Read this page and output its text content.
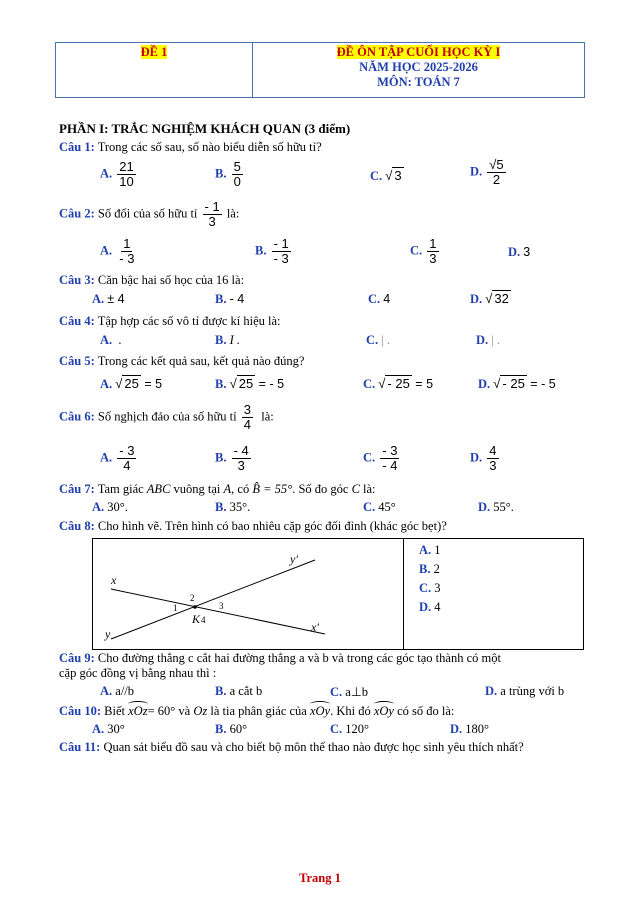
ĐỀ 1	ĐỀ ÔN TẬP CUỐI HỌC KỲ I
NĂM HỌC 2025-2026
MÔN: TOÁN 7
PHẦN I: TRẮC NGHIỆM KHÁCH QUAN (3 điểm)
Câu 1: Trong các số sau, số nào biểu diễn số hữu tỉ?
A. $\frac{21}{10}$	B. $\frac{5}{0}$	C. √ 3	D. $\frac{√5}{2}$
Câu 2: Số đối của số hữu tỉ $\frac{- 1}{3}$ là:
A. $\frac{1}{- 3}$	B. $\frac{- 1}{- 3}$	C. $\frac{1}{3}$	D. 3
Câu 3: Căn bậc hai số học của 16 là:
A. ± 4	B. - 4	C. 4	D. √ 32
Câu 4: Tập hợp các số vô tỉ được kí hiệu là:
A. .	B. I .	C. | .	D. | .
Câu 5: Trong các kết quả sau, kết quả nào đúng?
A. √ 25 = 5	B. √ 25 = - 5	C. √ - 25 = 5	D. √ - 25 = - 5
Câu 6: Số nghịch đảo của số hữu tỉ $\frac{3}{4}$ là:
A. $\frac{- 3}{4}$	B. $\frac{- 4}{3}$	C. $\frac{- 3}{- 4}$	D. $\frac{4}{3}$
Câu 7: Tam giác ABC vuông tại A, có B̂ = 55°. Số đo góc C là:
A. 30°.	B. 35°.	C. 45°	D. 55°.
Câu 8: Cho hình vẽ. Trên hình có bao nhiêu cặp góc đối đỉnh (khác góc bẹt)?
y′
x
2
1	3
K 4
y	x′
A. 1
B. 2
C. 3
D. 4
Câu 9: Cho đường thẳng c cắt hai đường thẳng a và b và trong các góc tạo thành có một
cặp góc đồng vị bằng nhau thì :
A. a//b	B. a cắt b	C. a⊥b	D. a trùng với b
Câu 10: Biết xOz= 60° và Oz là tia phân giác của xOy. Khi đó xOy có số đo là:
A. 30°	B. 60°	C. 120°	D. 180°
Câu 11: Quan sát biểu đồ sau và cho biết bộ môn thể thao nào được học sinh yêu thích nhất?
Trang 1
